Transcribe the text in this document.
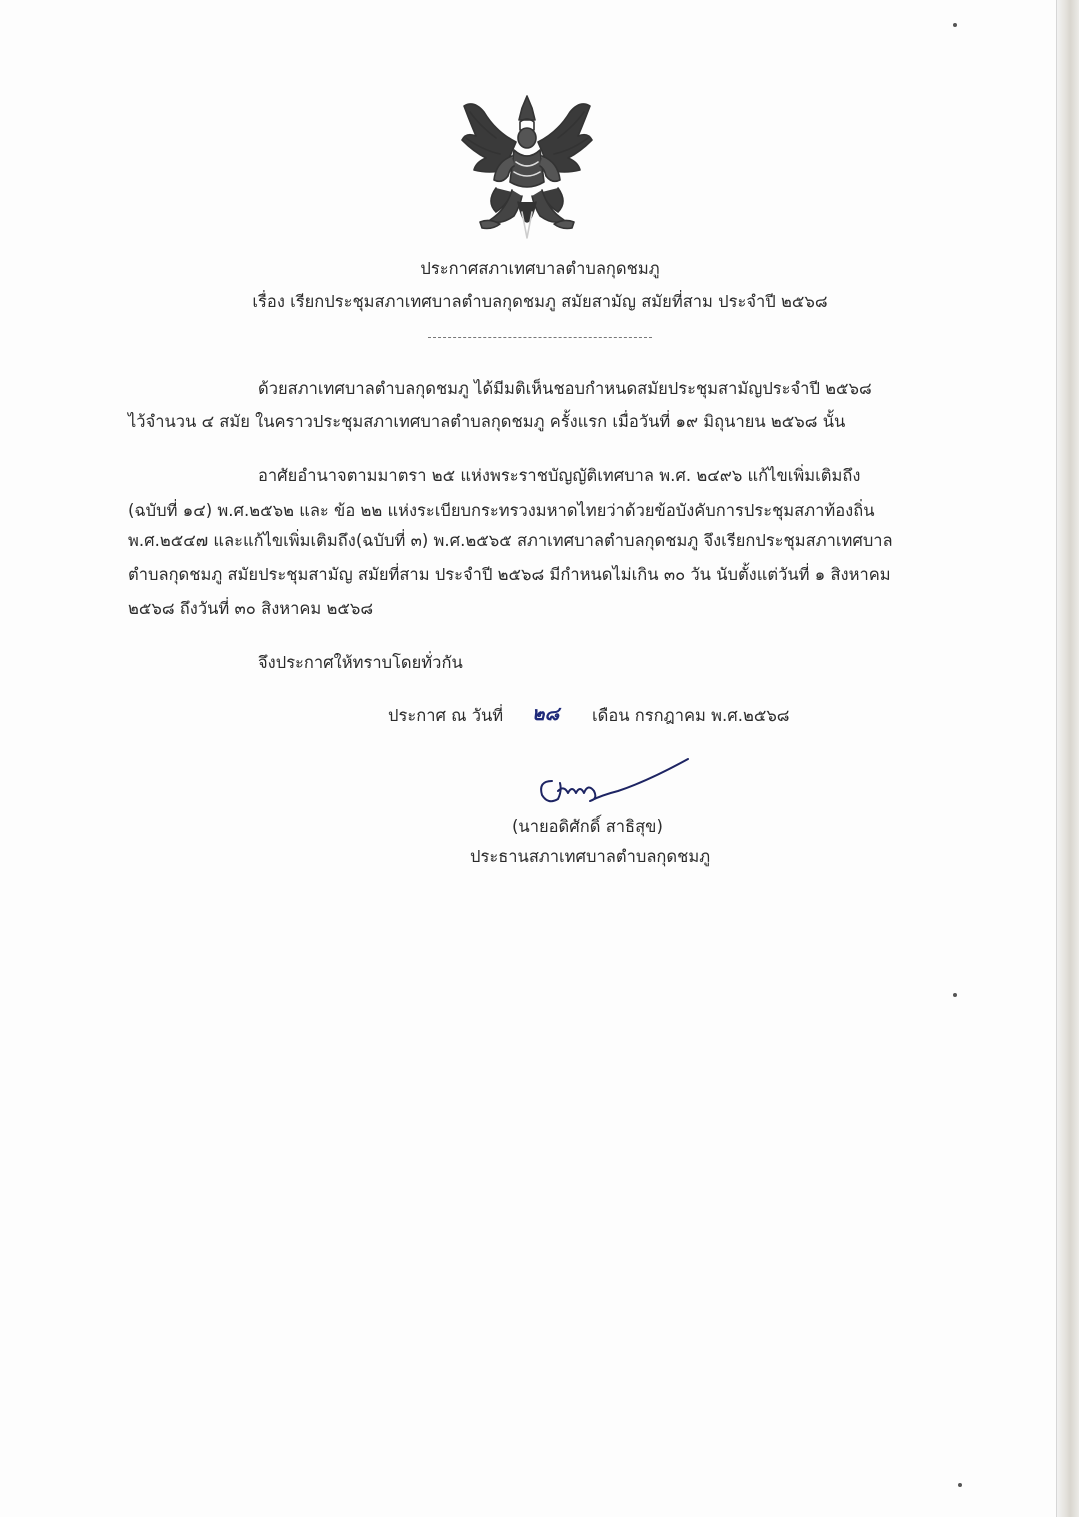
ประกาศสภาเทศบาลตำบลกุดชมภู
เรื่อง เรียกประชุมสภาเทศบาลตำบลกุดชมภู สมัยสามัญ สมัยที่สาม ประจำปี ๒๕๖๘
ด้วยสภาเทศบาลตำบลกุดชมภู ได้มีมติเห็นชอบกำหนดสมัยประชุมสามัญประจำปี ๒๕๖๘
ไว้จำนวน ๔ สมัย ในคราวประชุมสภาเทศบาลตำบลกุดชมภู ครั้งแรก เมื่อวันที่ ๑๙ มิถุนายน ๒๕๖๘ นั้น
อาศัยอำนาจตามมาตรา ๒๕ แห่งพระราชบัญญัติเทศบาล พ.ศ. ๒๔๙๖ แก้ไขเพิ่มเติมถึง
(ฉบับที่ ๑๔) พ.ศ.๒๕๖๒ และ ข้อ ๒๒ แห่งระเบียบกระทรวงมหาดไทยว่าด้วยข้อบังคับการประชุมสภาท้องถิ่น
พ.ศ.๒๕๔๗ และแก้ไขเพิ่มเติมถึง(ฉบับที่ ๓) พ.ศ.๒๕๖๕ สภาเทศบาลตำบลกุดชมภู จึงเรียกประชุมสภาเทศบาล
ตำบลกุดชมภู สมัยประชุมสามัญ สมัยที่สาม ประจำปี ๒๕๖๘ มีกำหนดไม่เกิน ๓๐ วัน นับตั้งแต่วันที่ ๑ สิงหาคม
๒๕๖๘ ถึงวันที่ ๓๐ สิงหาคม ๒๕๖๘
จึงประกาศให้ทราบโดยทั่วกัน
ประกาศ ณ วันที่ ๒๘ เดือน กรกฎาคม พ.ศ.๒๕๖๘
(นายอดิศักดิ์ สาธิสุข)
ประธานสภาเทศบาลตำบลกุดชมภู
